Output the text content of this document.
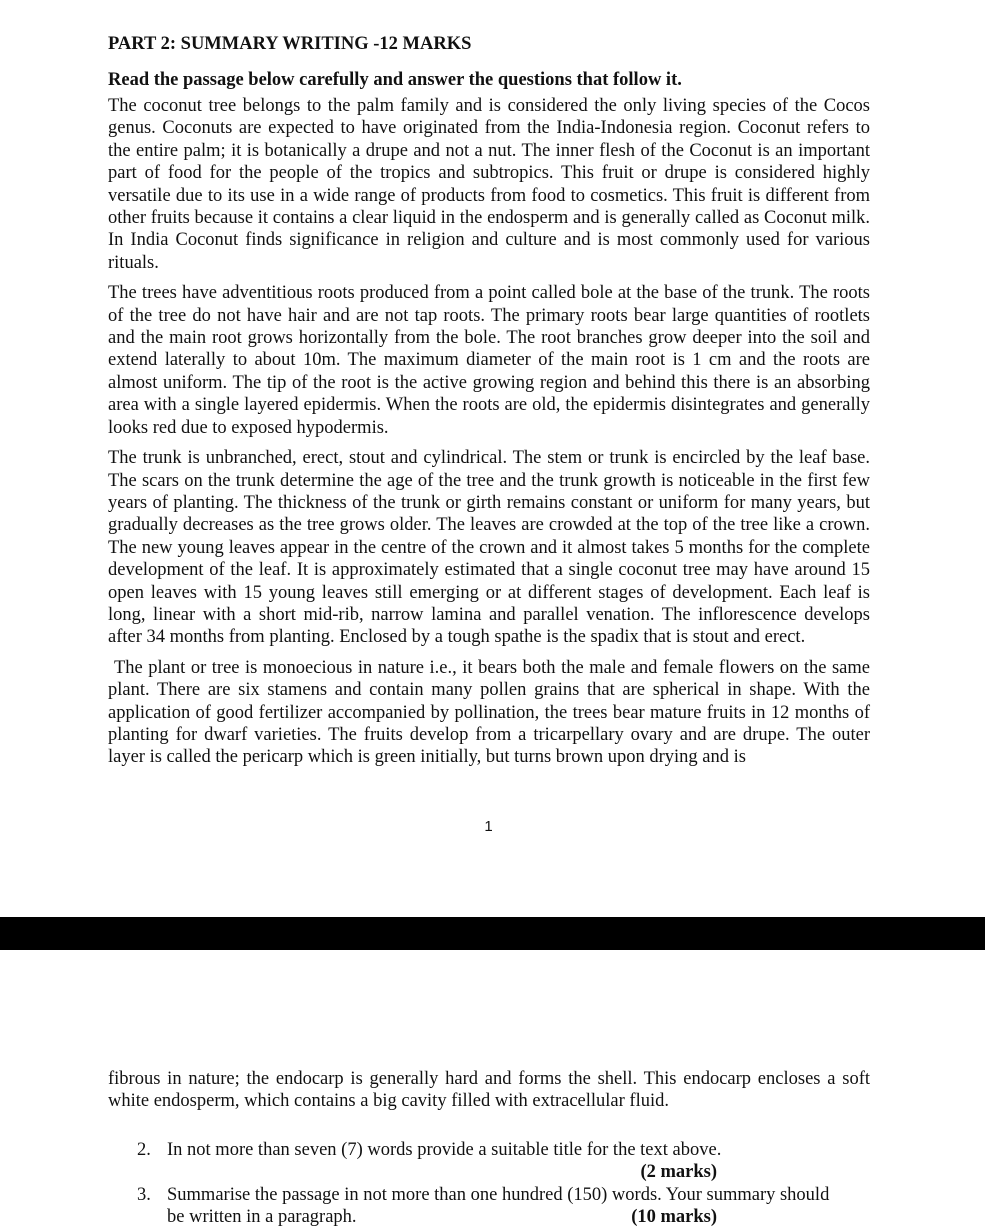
PART 2: SUMMARY WRITING -12 MARKS
Read the passage below carefully and answer the questions that follow it.

The coconut tree belongs to the palm family and is considered the only living species of the Cocos genus. Coconuts are expected to have originated from the India-Indonesia region. Coconut refers to the entire palm; it is botanically a drupe and not a nut. The inner flesh of the Coconut is an important part of food for the people of the tropics and subtropics. This fruit or drupe is considered highly versatile due to its use in a wide range of products from food to cosmetics. This fruit is different from other fruits because it contains a clear liquid in the endosperm and is generally called as Coconut milk. In India Coconut finds significance in religion and culture and is most commonly used for various rituals.

The trees have adventitious roots produced from a point called bole at the base of the trunk. The roots of the tree do not have hair and are not tap roots. The primary roots bear large quantities of rootlets and the main root grows horizontally from the bole. The root branches grow deeper into the soil and extend laterally to about 10m. The maximum diameter of the main root is 1 cm and the roots are almost uniform. The tip of the root is the active growing region and behind this there is an absorbing area with a single layered epidermis. When the roots are old, the epidermis disintegrates and generally looks red due to exposed hypodermis.

The trunk is unbranched, erect, stout and cylindrical. The stem or trunk is encircled by the leaf base. The scars on the trunk determine the age of the tree and the trunk growth is noticeable in the first few years of planting. The thickness of the trunk or girth remains constant or uniform for many years, but gradually decreases as the tree grows older. The leaves are crowded at the top of the tree like a crown. The new young leaves appear in the centre of the crown and it almost takes 5 months for the complete development of the leaf. It is approximately estimated that a single coconut tree may have around 15 open leaves with 15 young leaves still emerging or at different stages of development. Each leaf is long, linear with a short mid-rib, narrow lamina and parallel venation. The inflorescence develops after 34 months from planting. Enclosed by a tough spathe is the spadix that is stout and erect.

The plant or tree is monoecious in nature i.e., it bears both the male and female flowers on the same plant. There are six stamens and contain many pollen grains that are spherical in shape. With the application of good fertilizer accompanied by pollination, the trees bear mature fruits in 12 months of planting for dwarf varieties. The fruits develop from a tricarpellary ovary and are drupe. The outer layer is called the pericarp which is green initially, but turns brown upon drying and is

1

fibrous in nature; the endocarp is generally hard and forms the shell. This endocarp encloses a soft white endosperm, which contains a big cavity filled with extracellular fluid.

2. In not more than seven (7) words provide a suitable title for the text above.
(2 marks)
3. Summarise the passage in not more than one hundred (150) words. Your summary should
be written in a paragraph.	(10 marks)
